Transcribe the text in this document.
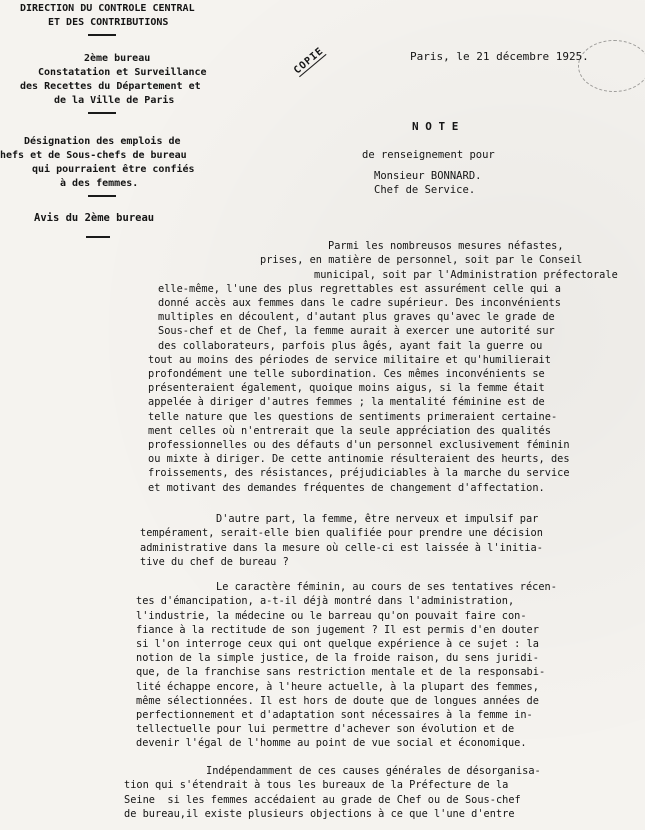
DIRECTION DU CONTROLE CENTRAL
ET DES CONTRIBUTIONS
2ème bureau
Constatation et Surveillance
des Recettes du Département et
de la Ville de Paris
Désignation des emplois de
hefs et de Sous-chefs de bureau
qui pourraient être confiés
à des femmes.
Avis du 2ème bureau
Paris, le 21 décembre 1925.
COPIE
N O T E
de renseignement pour
Monsieur BONNARD.
Chef de Service.

Parmi les nombreusos mesures néfastes,
prises, en matière de personnel, soit par le Conseil
municipal, soit par l'Administration préfectorale
elle-même, l'une des plus regrettables est assurément celle qui a
donné accès aux femmes dans le cadre supérieur. Des inconvénients
multiples en découlent, d'autant plus graves qu'avec le grade de
Sous-chef et de Chef, la femme aurait à exercer une autorité sur
des collaborateurs, parfois plus âgés, ayant fait la guerre ou
tout au moins des périodes de service militaire et qu'humilierait
profondément une telle subordination. Ces mêmes inconvénients se
présenteraient également, quoique moins aigus, si la femme était
appelée à diriger d'autres femmes ; la mentalité féminine est de
telle nature que les questions de sentiments primeraient certaine-
ment celles où n'entrerait que la seule appréciation des qualités
professionnelles ou des défauts d'un personnel exclusivement féminin
ou mixte à diriger. De cette antinomie résulteraient des heurts, des
froissements, des résistances, préjudiciables à la marche du service
et motivant des demandes fréquentes de changement d'affectation.

D'autre part, la femme, être nerveux et impulsif par
tempérament, serait-elle bien qualifiée pour prendre une décision
administrative dans la mesure où celle-ci est laissée à l'initia-
tive du chef de bureau ?

Le caractère féminin, au cours de ses tentatives récen-
tes d'émancipation, a-t-il déjà montré dans l'administration,
l'industrie, la médecine ou le barreau qu'on pouvait faire con-
fiance à la rectitude de son jugement ? Il est permis d'en douter
si l'on interroge ceux qui ont quelque expérience à ce sujet : la
notion de la simple justice, de la froide raison, du sens juridi-
que, de la franchise sans restriction mentale et de la responsabi-
lité échappe encore, à l'heure actuelle, à la plupart des femmes,
même sélectionnées. Il est hors de doute que de longues années de
perfectionnement et d'adaptation sont nécessaires à la femme in-
tellectuelle pour lui permettre d'achever son évolution et de
devenir l'égal de l'homme au point de vue social et économique.

Indépendamment de ces causes générales de désorganisa-
tion qui s'étendrait à tous les bureaux de la Préfecture de la
Seine  si les femmes accédaient au grade de Chef ou de Sous-chef
de bureau,il existe plusieurs objections à ce que l'une d'entre
